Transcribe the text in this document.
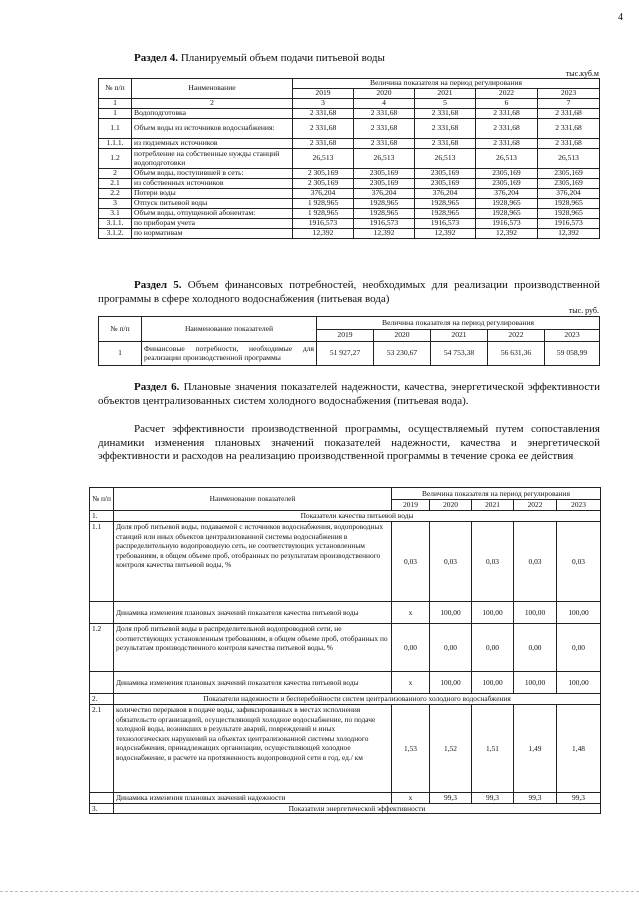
4
Раздел 4. Планируемый объем подачи питьевой воды
тыс.куб.м
№ п/п	Наименование	Величина показателя на период регулирования				
		2019	2020	2021	2022	2023
1	2	3	4	5	6	7
1	Водоподготовка	2 331,68	2 331,68	2 331,68	2 331,68	2 331,68
1.1	Объем воды из источников водоснабжения:	2 331,68	2 331,68	2 331,68	2 331,68	2 331,68
1.1.1.	из подземных источников	2 331,68	2 331,68	2 331,68	2 331,68	2 331,68
1.2	потребление на собственные нужды станций водоподготовки	26,513	26,513	26,513	26,513	26,513
2	Объем воды, поступившей в сеть:	2 305,169	2305,169	2305,169	2305,169	2305,169
2.1	из собственных источников	2 305,169	2305,169	2305,169	2305,169	2305,169
2.2	Потери воды	376,204	376,204	376,204	376,204	376,204
3	Отпуск питьевой воды	1 928,965	1928,965	1928,965	1928,965	1928,965
3.1	Объем воды, отпущенной абонентам:	1 928,965	1928,965	1928,965	1928,965	1928,965
3.1.1.	по приборам учета	1916,573	1916,573	1916,573	1916,573	1916,573
3.1.2.	по нормативам	12,392	12,392	12,392	12,392	12,392
Раздел 5. Объем финансовых потребностей, необходимых для реализации производственной программы в сфере холодного водоснабжения (питьевая вода)
тыс. руб.
№ п/п	Наименование показателей	Величина показателя на период регулирования				
		2019	2020	2021	2022	2023
1	Финансовые потребности, необходимые для реализации производственной программы	51 927,27	53 230,67	54 753,38	56 631,36	59 058,99
Раздел 6. Плановые значения показателей надежности, качества, энергетической эффективности объектов централизованных систем холодного водоснабжения (питьевая вода).
Расчет эффективности производственной программы, осуществляемый путем сопоставления динамики изменения плановых значений показателей надежности, качества и энергетической эффективности и расходов на реализацию производственной программы в течение срока ее действия
№ п/п	Наименование показателей	Величина показателя на период регулирования				
		2019	2020	2021	2022	2023
1.	Показатели качества питьевой воды					
1.1	Доля проб питьевой воды, подаваемой с источников водоснабжения, водопроводных станций или иных объектов централизованной системы водоснабжения в распределительную водопроводную сеть, не соответствующих установленным требованиям, в общем объеме проб, отобранных по результатам производственного контроля качества питьевой воды, %	0,03	0,03	0,03	0,03	0,03
	Динамика изменения плановых значений показателя качества питьевой воды	х	100,00	100,00	100,00	100,00
1.2	Доля проб питьевой воды в распределительной водопроводной сети, не соответствующих установленным требованиям, в общем объеме проб, отобранных по результатам производственного контроля качества питьевой воды, %	0,00	0,00	0,00	0,00	0,00
	Динамика изменения плановых значений показателя качества питьевой воды	х	100,00	100,00	100,00	100,00
2.	Показатели надежности и бесперебойности систем централизованного холодного водоснабжения					
2.1	количество перерывов в подаче воды, зафиксированных в местах исполнения обязательств организацией, осуществляющей холодное водоснабжение, по подаче холодной воды, возникших в результате аварий, повреждений и иных технологических нарушений на объектах централизованной системы холодного водоснабжения, принадлежащих организации, осуществляющей холодное водоснабжение, в расчете на протяженность водопроводной сети в год, ед./ км	1,53	1,52	1,51	1,49	1,48
	Динамика изменения плановых значений надежности	х	99,3	99,3	99,3	99,3
3.	Показатели энергетической эффективности					
